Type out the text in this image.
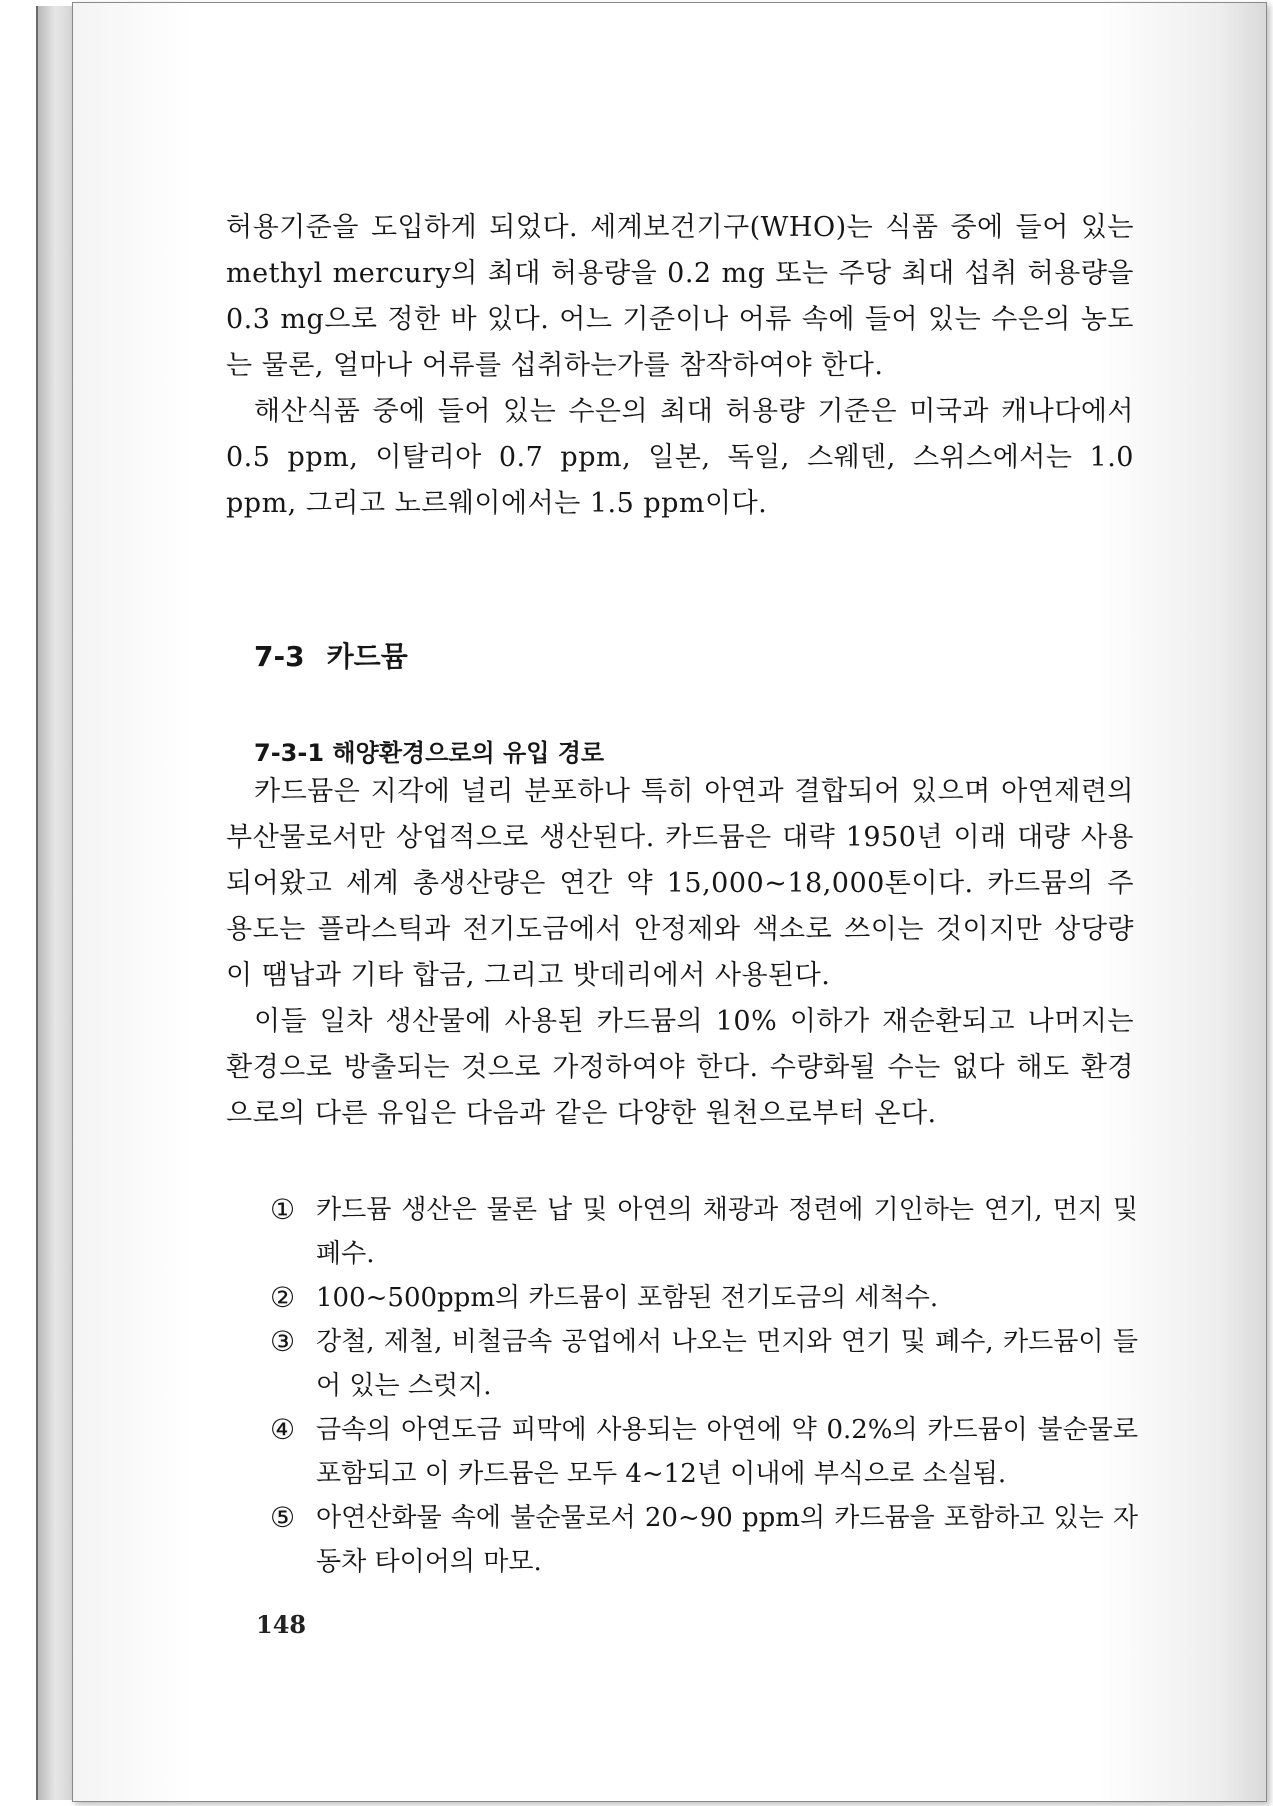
허용기준을 도입하게 되었다. 세계보건기구(WHO)는 식품 중에 들어 있는 methyl mercury의 최대 허용량을 0.2 mg 또는 주당 최대 섭취 허용량을 0.3 mg으로 정한 바 있다. 어느 기준이나 어류 속에 들어 있는 수은의 농도는 물론, 얼마나 어류를 섭취하는가를 참작하여야 한다.

해산식품 중에 들어 있는 수은의 최대 허용량 기준은 미국과 캐나다에서 0.5 ppm, 이탈리아 0.7 ppm, 일본, 독일, 스웨덴, 스위스에서는 1.0 ppm, 그리고 노르웨이에서는 1.5 ppm이다.

7-3 카드뮴
7-3-1 해양환경으로의 유입 경로

카드뮴은 지각에 널리 분포하나 특히 아연과 결합되어 있으며 아연제련의 부산물로서만 상업적으로 생산된다. 카드뮴은 대략 1950년 이래 대량 사용되어왔고 세계 총생산량은 연간 약 15,000~18,000톤이다. 카드뮴의 주 용도는 플라스틱과 전기도금에서 안정제와 색소로 쓰이는 것이지만 상당량이 땜납과 기타 합금, 그리고 밧데리에서 사용된다.

이들 일차 생산물에 사용된 카드뮴의 10% 이하가 재순환되고 나머지는 환경으로 방출되는 것으로 가정하여야 한다. 수량화될 수는 없다 해도 환경으로의 다른 유입은 다음과 같은 다양한 원천으로부터 온다.

① 카드뮴 생산은 물론 납 및 아연의 채광과 정련에 기인하는 연기, 먼지 및 폐수.
② 100~500ppm의 카드뮴이 포함된 전기도금의 세척수.
③ 강철, 제철, 비철금속 공업에서 나오는 먼지와 연기 및 폐수, 카드뮴이 들어 있는 스럿지.
④ 금속의 아연도금 피막에 사용되는 아연에 약 0.2%의 카드뮴이 불순물로 포함되고 이 카드뮴은 모두 4~12년 이내에 부식으로 소실됨.
⑤ 아연산화물 속에 불순물로서 20~90 ppm의 카드뮴을 포함하고 있는 자동차 타이어의 마모.
148
